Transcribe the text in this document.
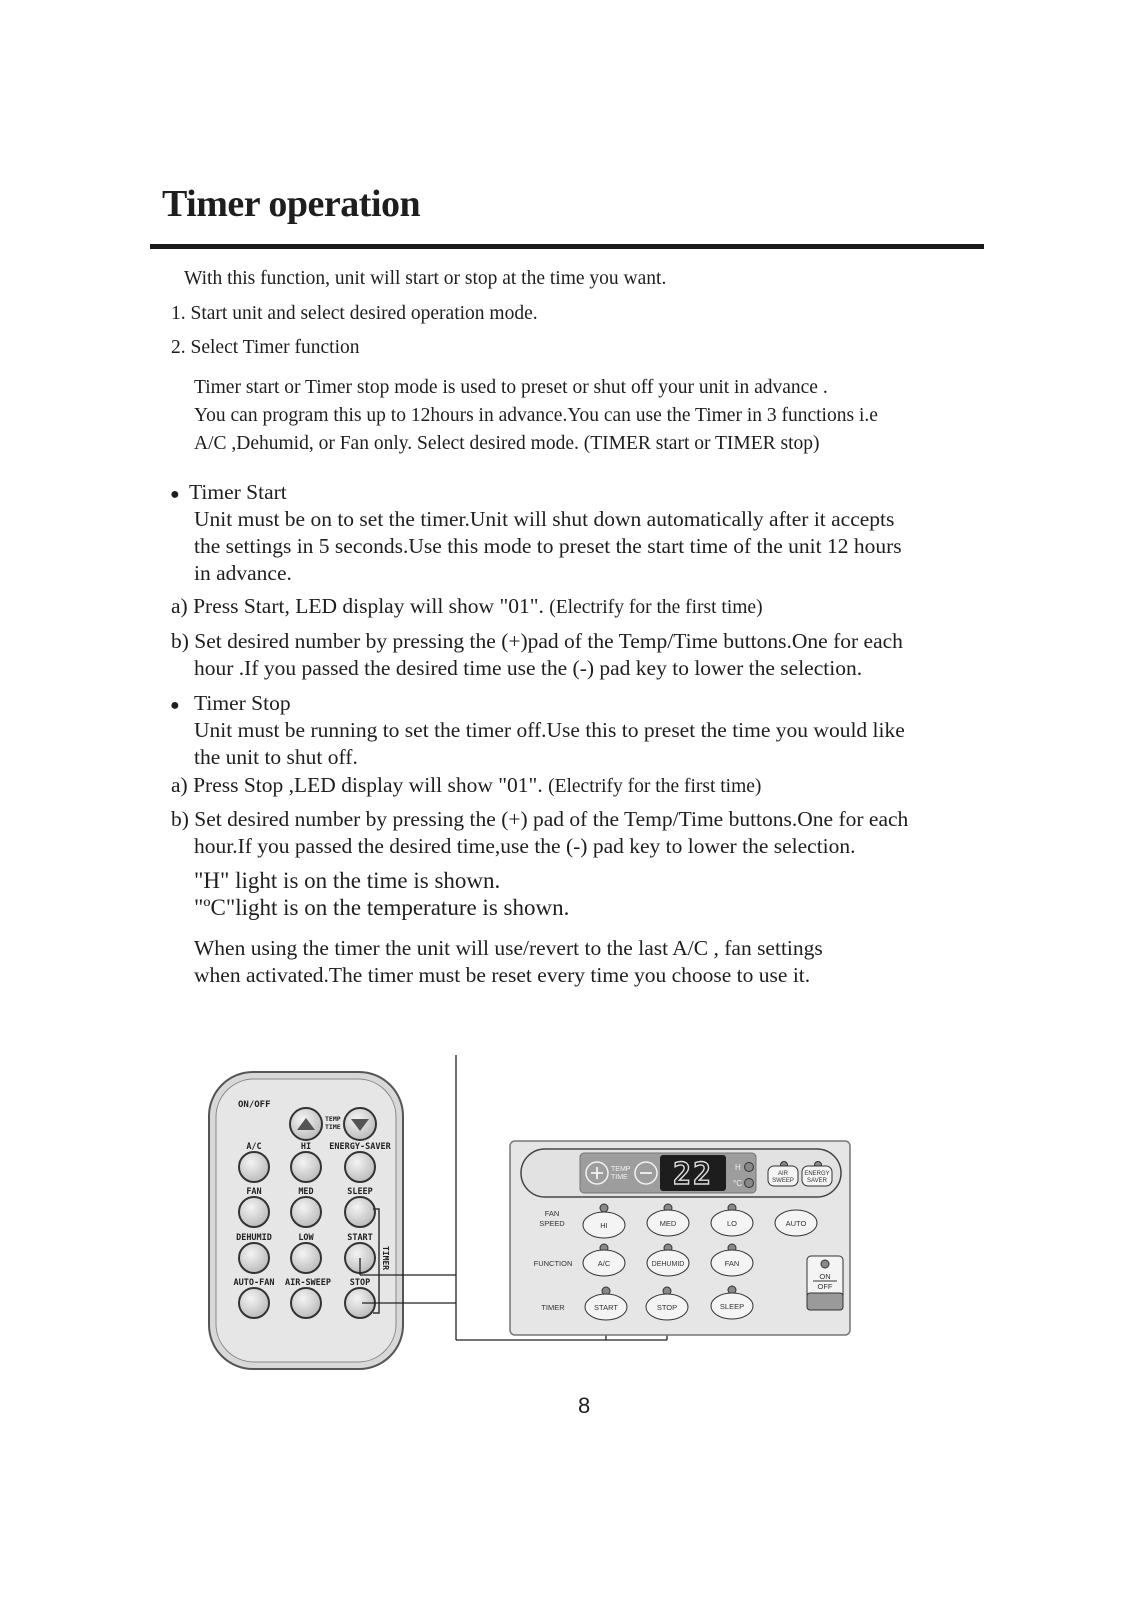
Timer operation
With this function, unit will start or stop at the time you want.
1. Start unit and select desired operation mode.
2. Select Timer function
Timer start or Timer stop mode is used to preset or shut off your unit in advance .
You can program this up to 12hours in advance.You can use the Timer in 3 functions i.e
A/C ,Dehumid, or Fan only. Select desired mode. (TIMER start or TIMER stop)
● Timer Start
Unit must be on to set the timer.Unit will shut down automatically after it accepts
the settings in 5 seconds.Use this mode to preset the start time of the unit 12 hours
in advance.
a) Press Start, LED display will show "01". (Electrify for the first time)
b) Set desired number by pressing the (+)pad of the Temp/Time buttons.One for each
hour .If you passed the desired time use the (-) pad key to lower the selection.
● Timer Stop
Unit must be running to set the timer off.Use this to preset the time you would like
the unit to shut off.
a) Press Stop ,LED display will show "01". (Electrify for the first time)
b) Set desired number by pressing the (+) pad of the Temp/Time buttons.One for each
hour.If you passed the desired time,use the (-) pad key to lower the selection.
"H" light is on the time is shown.
"ºC"light is on the temperature is shown.
When using the timer the unit will use/revert to the last A/C , fan settings
when activated.The timer must be reset every time you choose to use it.
ON/OFF
TEMP
TIME
A/C	HI ENERGY-SAVER
FAN	MED	SLEEP
DEHUMID	LOW	START
AUTO-FAN AIR-SWEEP STOP
TIMER
TEMP
TIME 22	H
°C
AIR
SWEEP
ENERGY
SAVER
FAN
SPEED	HI	MED	LO	AUTO
FUNCTION	A/C	DEHUMID	FAN
ON
OFF
TIMER	START	STOP	SLEEP
8
